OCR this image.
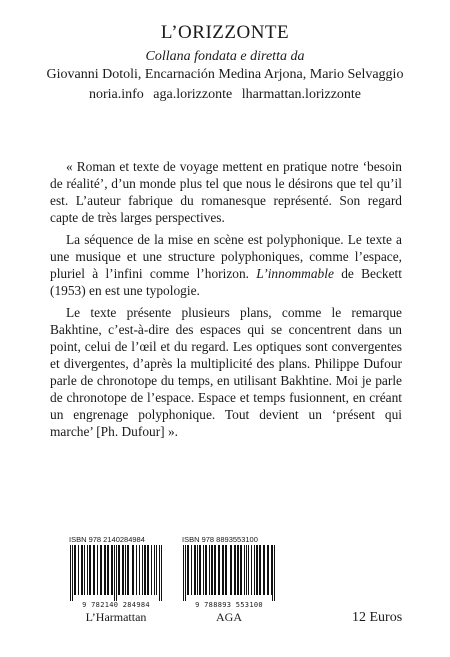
L’ORIZZONTE
Collana fondata e diretta da
Giovanni Dotoli, Encarnación Medina Arjona, Mario Selvaggio
noria.info aga.lorizzonte lharmattan.lorizzonte

« Roman et texte de voyage mettent en pratique notre ‘besoin de réalité’, d’un monde plus tel que nous le désirons que tel qu’il est. L’auteur fabrique du romanesque représenté. Son regard capte de très larges perspectives.

La séquence de la mise en scène est polyphonique. Le texte a une musique et une structure polyphoniques, comme l’espace, pluriel à l’infini comme l’horizon. L’innommable de Beckett (1953) en est une typologie.

Le texte présente plusieurs plans, comme le remarque Bakhtine, c’est-à-dire des espaces qui se concentrent dans un point, celui de l’œil et du regard. Les optiques sont convergentes et divergentes, d’après la multiplicité des plans. Philippe Dufour parle de chronotope du temps, en utilisant Bakhtine. Moi je parle de chronotope de l’espace. Espace et temps fusionnent, en créant un engrenage polyphonique. Tout devient un ‘présent qui marche’ [Ph. Dufour] ».

ISBN 978 2140284984
9 782140 284984
L’Harmattan
ISBN 978 8893553100
9 788893 553100
AGA	12 Euros
